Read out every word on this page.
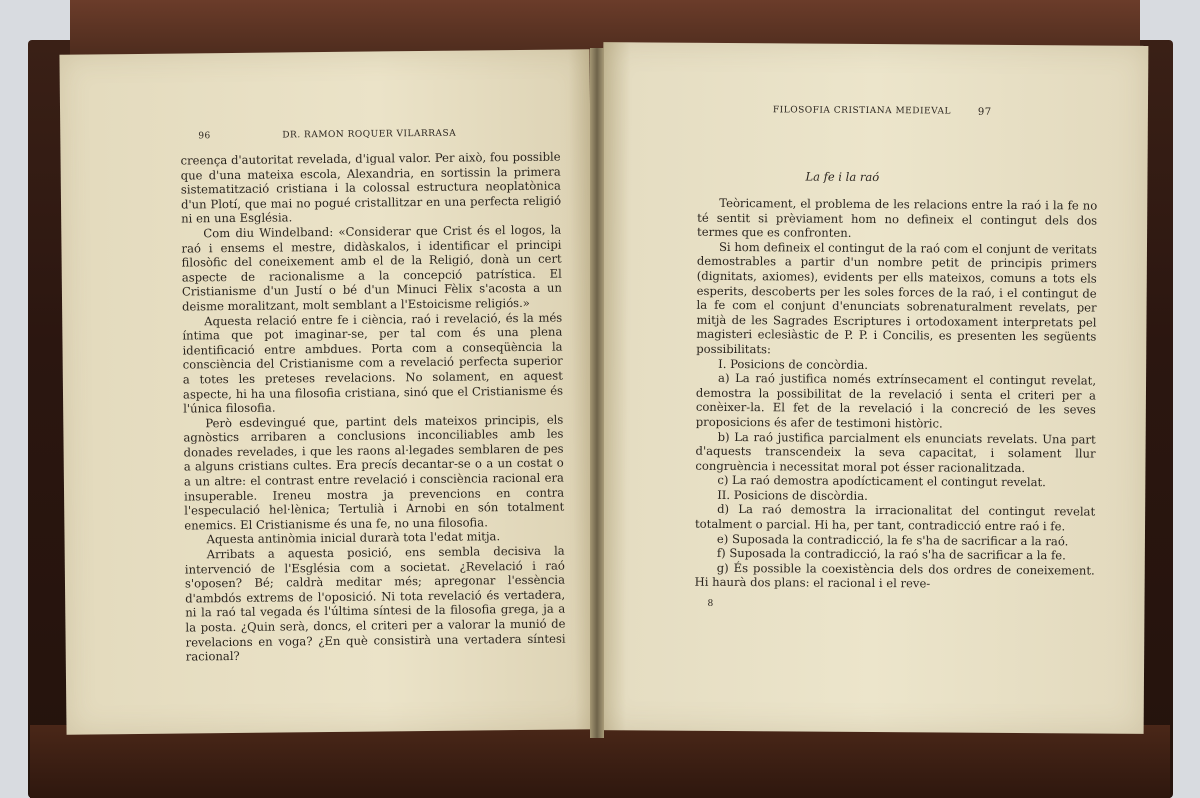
96	DR. RAMON ROQUER VILARRASA

creença d'autoritat revelada, d'igual valor. Per això, fou possible que d'una mateixa escola, Alexandria, en sortissin la primera sistematització cristiana i la colossal estructura neoplatònica d'un Plotí, que mai no pogué cristallitzar en una perfecta religió ni en una Església.

Com diu Windelband: «Considerar que Crist és el logos, la raó i ensems el mestre, didàskalos, i identificar el principi filosòfic del coneixement amb el de la Religió, donà un cert aspecte de racionalisme a la concepció patrística. El Cristianisme d'un Justí o bé d'un Minuci Fèlix s'acosta a un deisme moralitzant, molt semblant a l'Estoicisme religiós.»

Aquesta relació entre fe i ciència, raó i revelació, és la més íntima que pot imaginar-se, per tal com és una plena identificació entre ambdues. Porta com a conseqüència la consciència del Cristianisme com a revelació perfecta superior a totes les preteses revelacions. No solament, en aquest aspecte, hi ha una filosofia cristiana, sinó que el Cristianisme és l'única filosofia.

Però esdevingué que, partint dels mateixos principis, els agnòstics arribaren a conclusions inconciliables amb les donades revelades, i que les raons al·legades semblaren de pes a alguns cristians cultes. Era precís decantar-se o a un costat o a un altre: el contrast entre revelació i consciència racional era insuperable. Ireneu mostra ja prevencions en contra l'especulació hel·lènica; Tertulià i Arnobi en són totalment enemics. El Cristianisme és una fe, no una filosofia.

Aquesta antinòmia inicial durarà tota l'edat mitja.

Arribats a aquesta posició, ens sembla decisiva la intervenció de l'Església com a societat. ¿Revelació i raó s'oposen? Bé; caldrà meditar més; apregonar l'essència d'ambdós extrems de l'oposició. Ni tota revelació és vertadera, ni la raó tal vegada és l'última síntesi de la filosofia grega, ja a la posta. ¿Quin serà, doncs, el criteri per a valorar la munió de revelacions en voga? ¿En què consistirà una vertadera síntesi racional?

FILOSOFIA CRISTIANA MEDIEVAL	97
La fe i la raó

Teòricament, el problema de les relacions entre la raó i la fe no té sentit si prèviament hom no defineix el contingut dels dos termes que es confronten.

Si hom defineix el contingut de la raó com el conjunt de veritats demostrables a partir d'un nombre petit de principis primers (dignitats, axiomes), evidents per ells mateixos, comuns a tots els esperits, descoberts per les soles forces de la raó, i el contingut de la fe com el conjunt d'enunciats sobrenaturalment revelats, per mitjà de les Sagrades Escriptures i ortodoxament interpretats pel magisteri eclesiàstic de P. P. i Concilis, es presenten les següents possibilitats:

I. Posicions de concòrdia.

a) La raó justifica només extrínsecament el contingut revelat, demostra la possibilitat de la revelació i senta el criteri per a conèixer-la. El fet de la revelació i la concreció de les seves proposicions és afer de testimoni històric.

b) La raó justifica parcialment els enunciats revelats. Una part d'aquests transcendeix la seva capacitat, i solament llur congruència i necessitat moral pot ésser racionalitzada.

c) La raó demostra apodícticament el contingut revelat.

II. Posicions de discòrdia.

d) La raó demostra la irracionalitat del contingut revelat totalment o parcial. Hi ha, per tant, contradicció entre raó i fe.

e) Suposada la contradicció, la fe s'ha de sacrificar a la raó.

f) Suposada la contradicció, la raó s'ha de sacrificar a la fe.

g) És possible la coexistència dels dos ordres de coneixement. Hi haurà dos plans: el racional i el reve-

8
